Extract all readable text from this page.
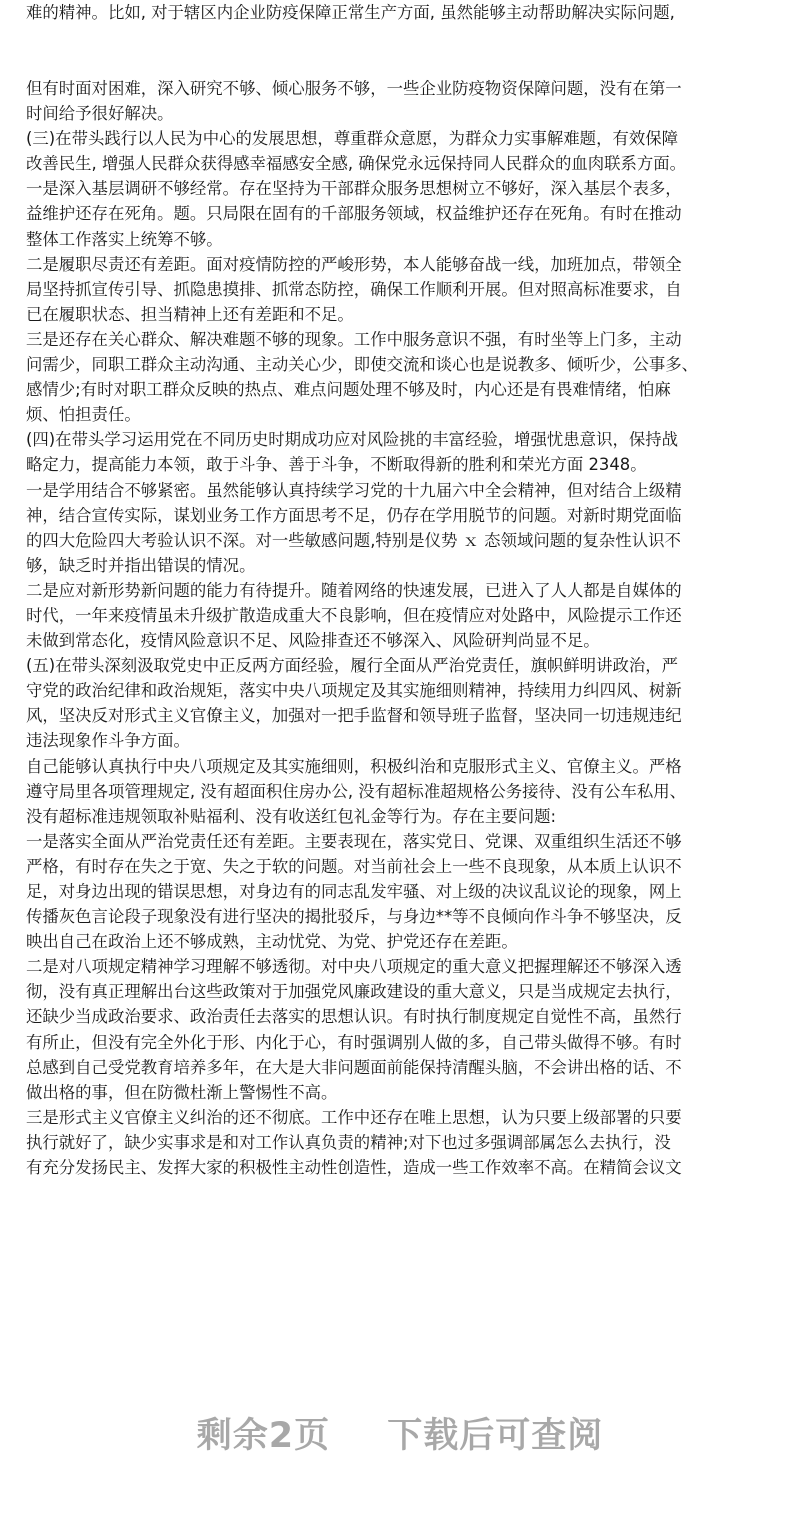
难的精神。比如, 对于辖区内企业防疫保障正常生产方面, 虽然能够主动帮助解决实际问题,
但有时面对困难，深入研究不够、倾心服务不够，一些企业防疫物资保障问题，没有在第一
时间给予很好解决。
(三)在带头践行以人民为中心的发展思想，尊重群众意愿，为群众力实事解难题，有效保障
改善民生, 增强人民群众获得感幸福感安全感, 确保党永远保持同人民群众的血肉联系方面。
一是深入基层调研不够经常。存在坚持为干部群众服务思想树立不够好，深入基层个表多，
益维护还存在死角。题。只局限在固有的千部服务领域，权益维护还存在死角。有时在推动
整体工作落实上统筹不够。
二是履职尽责还有差距。面对疫情防控的严峻形势，本人能够奋战一线，加班加点，带领全
局坚持抓宣传引导、抓隐患摸排、抓常态防控，确保工作顺利开展。但对照高标准要求，自
已在履职状态、担当精神上还有差距和不足。
三是还存在关心群众、解决难题不够的现象。工作中服务意识不强，有时坐等上门多，主动
问需少，同职工群众主动沟通、主动关心少，即使交流和谈心也是说教多、倾听少，公事多、
感情少;有时对职工群众反映的热点、难点问题处理不够及时，内心还是有畏难情绪，怕麻
烦、怕担责任。
(四)在带头学习运用党在不同历史时期成功应对风险挑的丰富经验，增强忧患意识，保持战
略定力，提高能力本领，敢于斗争、善于斗争，不断取得新的胜利和荣光方面 2348。
一是学用结合不够紧密。虽然能够认真持续学习党的十九届六中全会精神，但对结合上级精
神，结合宣传实际，谋划业务工作方面思考不足，仍存在学用脱节的问题。对新时期党面临
的四大危险四大考验认识不深。对一些敏感问题,特别是仪势 ｘ 态领域问题的复杂性认识不
够，缺乏时并指出错误的情况。
二是应对新形势新问题的能力有待提升。随着网络的快速发展，已进入了人人都是自媒体的
时代，一年来疫情虽未升级扩散造成重大不良影响，但在疫情应对处路中，风险提示工作还
未做到常态化，疫情风险意识不足、风险排查还不够深入、风险研判尚显不足。
(五)在带头深刻汲取党史中正反两方面经验，履行全面从严治党责任，旗帜鲜明讲政治，严
守党的政治纪律和政治规矩，落实中央八项规定及其实施细则精神，持续用力纠四风、树新
风，坚决反对形式主义官僚主义，加强对一把手监督和领导班子监督，坚决同一切违规违纪
违法现象作斗争方面。
自己能够认真执行中央八项规定及其实施细则，积极纠治和克服形式主义、官僚主义。严格
遵守局里各项管理规定, 没有超面积住房办公, 没有超标准超规格公务接待、没有公车私用、
没有超标准违规领取补贴福利、没有收送红包礼金等行为。存在主要问题:
一是落实全面从严治党责任还有差距。主要表现在，落实党日、党课、双重组织生活还不够
严格，有时存在失之于宽、失之于软的问题。对当前社会上一些不良现象，从本质上认识不
足，对身边出现的错误思想，对身边有的同志乱发牢骚、对上级的决议乱议论的现象，网上
传播灰色言论段子现象没有进行坚决的揭批驳斥，与身边**等不良倾向作斗争不够坚决，反
映出自己在政治上还不够成熟，主动忧党、为党、护党还存在差距。
二是对八项规定精神学习理解不够透彻。对中央八项规定的重大意义把握理解还不够深入透
彻，没有真正理解出台这些政策对于加强党风廉政建设的重大意义，只是当成规定去执行，
还缺少当成政治要求、政治责任去落实的思想认识。有时执行制度规定自觉性不高，虽然行
有所止，但没有完全外化于形、内化于心，有时强调别人做的多，自己带头做得不够。有时
总感到自己受党教育培养多年，在大是大非问题面前能保持清醒头脑，不会讲出格的话、不
做出格的事，但在防微杜渐上警惕性不高。
三是形式主义官僚主义纠治的还不彻底。工作中还存在唯上思想，认为只要上级部署的只要
执行就好了，缺少实事求是和对工作认真负责的精神;对下也过多强调部属怎么去执行，没
有充分发扬民主、发挥大家的积极性主动性创造性，造成一些工作效率不高。在精简会议文
剩余2页 下载后可查阅
